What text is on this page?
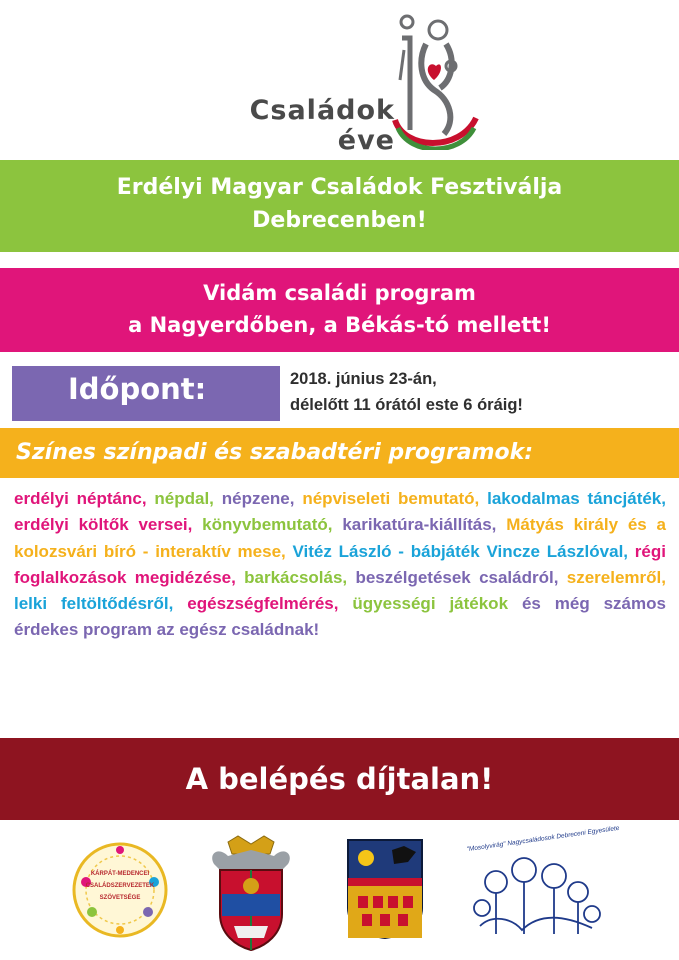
Családok
éve
Erdélyi Magyar Családok Fesztiválja
Debrecenben!
Vidám családi program
a Nagyerdőben, a Békás-tó mellett!
Időpont:	2018. június 23-án,
délelőtt 11 órától este 6 óráig!
Színes színpadi és szabadtéri programok:
erdélyi néptánc, népdal, népzene, népviseleti bemutató, lakodalmas táncjáték, erdélyi költők versei, könyvbemutató, karikatúra-kiállítás, Mátyás király és a kolozsvári bíró - interaktív mese, Vitéz László - bábjáték Vincze Lászlóval, régi foglalkozások megidézése, barkácsolás, beszélgetések családról, szerelemről, lelki feltöltődésről, egészségfelmérés, ügyességi játékok és még számos érdekes program az egész családnak!
A belépés díjtalan!
KÁRPÁT-MEDENCEI
CSALÁDSZERVEZETEK
SZÖVETSÉGE
"Mosolyvirág" Nagycsaládosok Debreceni Egyesülete
